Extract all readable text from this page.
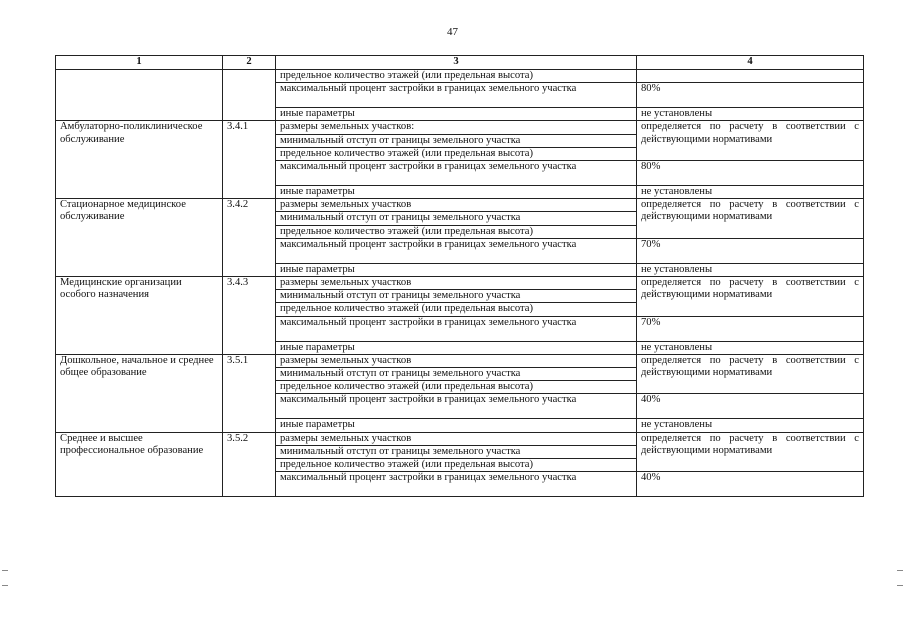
47
1	2	3	4
		предельное количество этажей (или предельная высота)	
		максимальный процент застройки в границах земельного участка	80%
		иные параметры	не установлены
Амбулаторно-поликлиническое обслуживание	3.4.1	размеры земельных участков:	определяется по расчету в соответствии с действующими нормативами
		минимальный отступ от границы земельного участка	
		предельное количество этажей (или предельная высота)	
		максимальный процент застройки в границах земельного участка	80%
		иные параметры	не установлены
Стационарное медицинское обслуживание	3.4.2	размеры земельных участков	определяется по расчету в соответствии с действующими нормативами
		минимальный отступ от границы земельного участка	
		предельное количество этажей (или предельная высота)	
		максимальный процент застройки в границах земельного участка	70%
		иные параметры	не установлены
Медицинские организации особого назначения	3.4.3	размеры земельных участков	определяется по расчету в соответствии с действующими нормативами
		минимальный отступ от границы земельного участка	
		предельное количество этажей (или предельная высота)	
		максимальный процент застройки в границах земельного участка	70%
		иные параметры	не установлены
Дошкольное, начальное и среднее общее образование	3.5.1	размеры земельных участков	определяется по расчету в соответствии с действующими нормативами
		минимальный отступ от границы земельного участка	
		предельное количество этажей (или предельная высота)	
		максимальный процент застройки в границах земельного участка	40%
		иные параметры	не установлены
Среднее и высшее профессиональное образование	3.5.2	размеры земельных участков	определяется по расчету в соответствии с действующими нормативами
		минимальный отступ от границы земельного участка	
		предельное количество этажей (или предельная высота)	
		максимальный процент застройки в границах земельного участка	40%
